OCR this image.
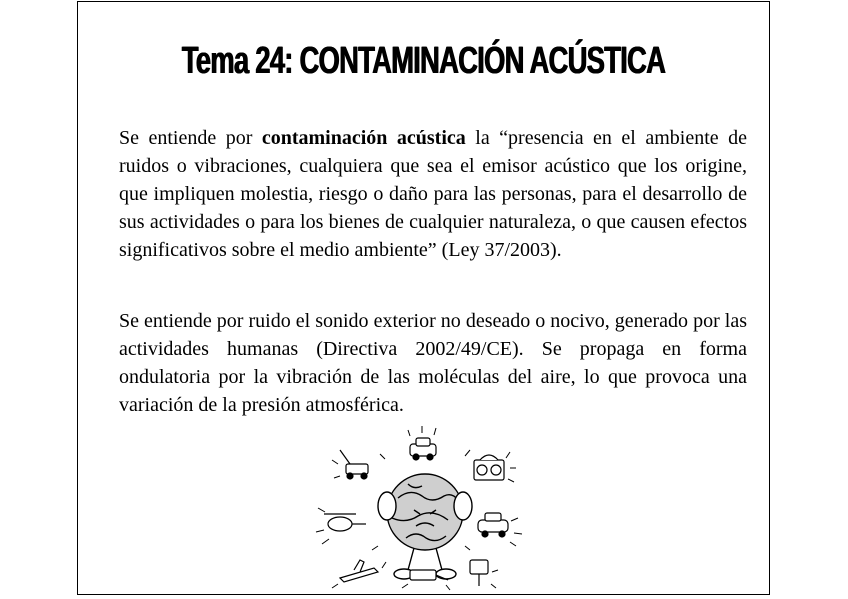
Tema 24: CONTAMINACIÓN ACÚSTICA

Se entiende por contaminación acústica la “presencia en el ambiente de ruidos o vibraciones, cualquiera que sea el emisor acústico que los origine, que impliquen molestia, riesgo o daño para las personas, para el desarrollo de sus actividades o para los bienes de cualquier naturaleza, o que causen efectos significativos sobre el medio ambiente” (Ley 37/2003).

Se entiende por ruido el sonido exterior no deseado o nocivo, generado por las actividades humanas (Directiva 2002/49/CE). Se propaga en forma ondulatoria por la vibración de las moléculas del aire, lo que provoca una variación de la presión atmosférica.
